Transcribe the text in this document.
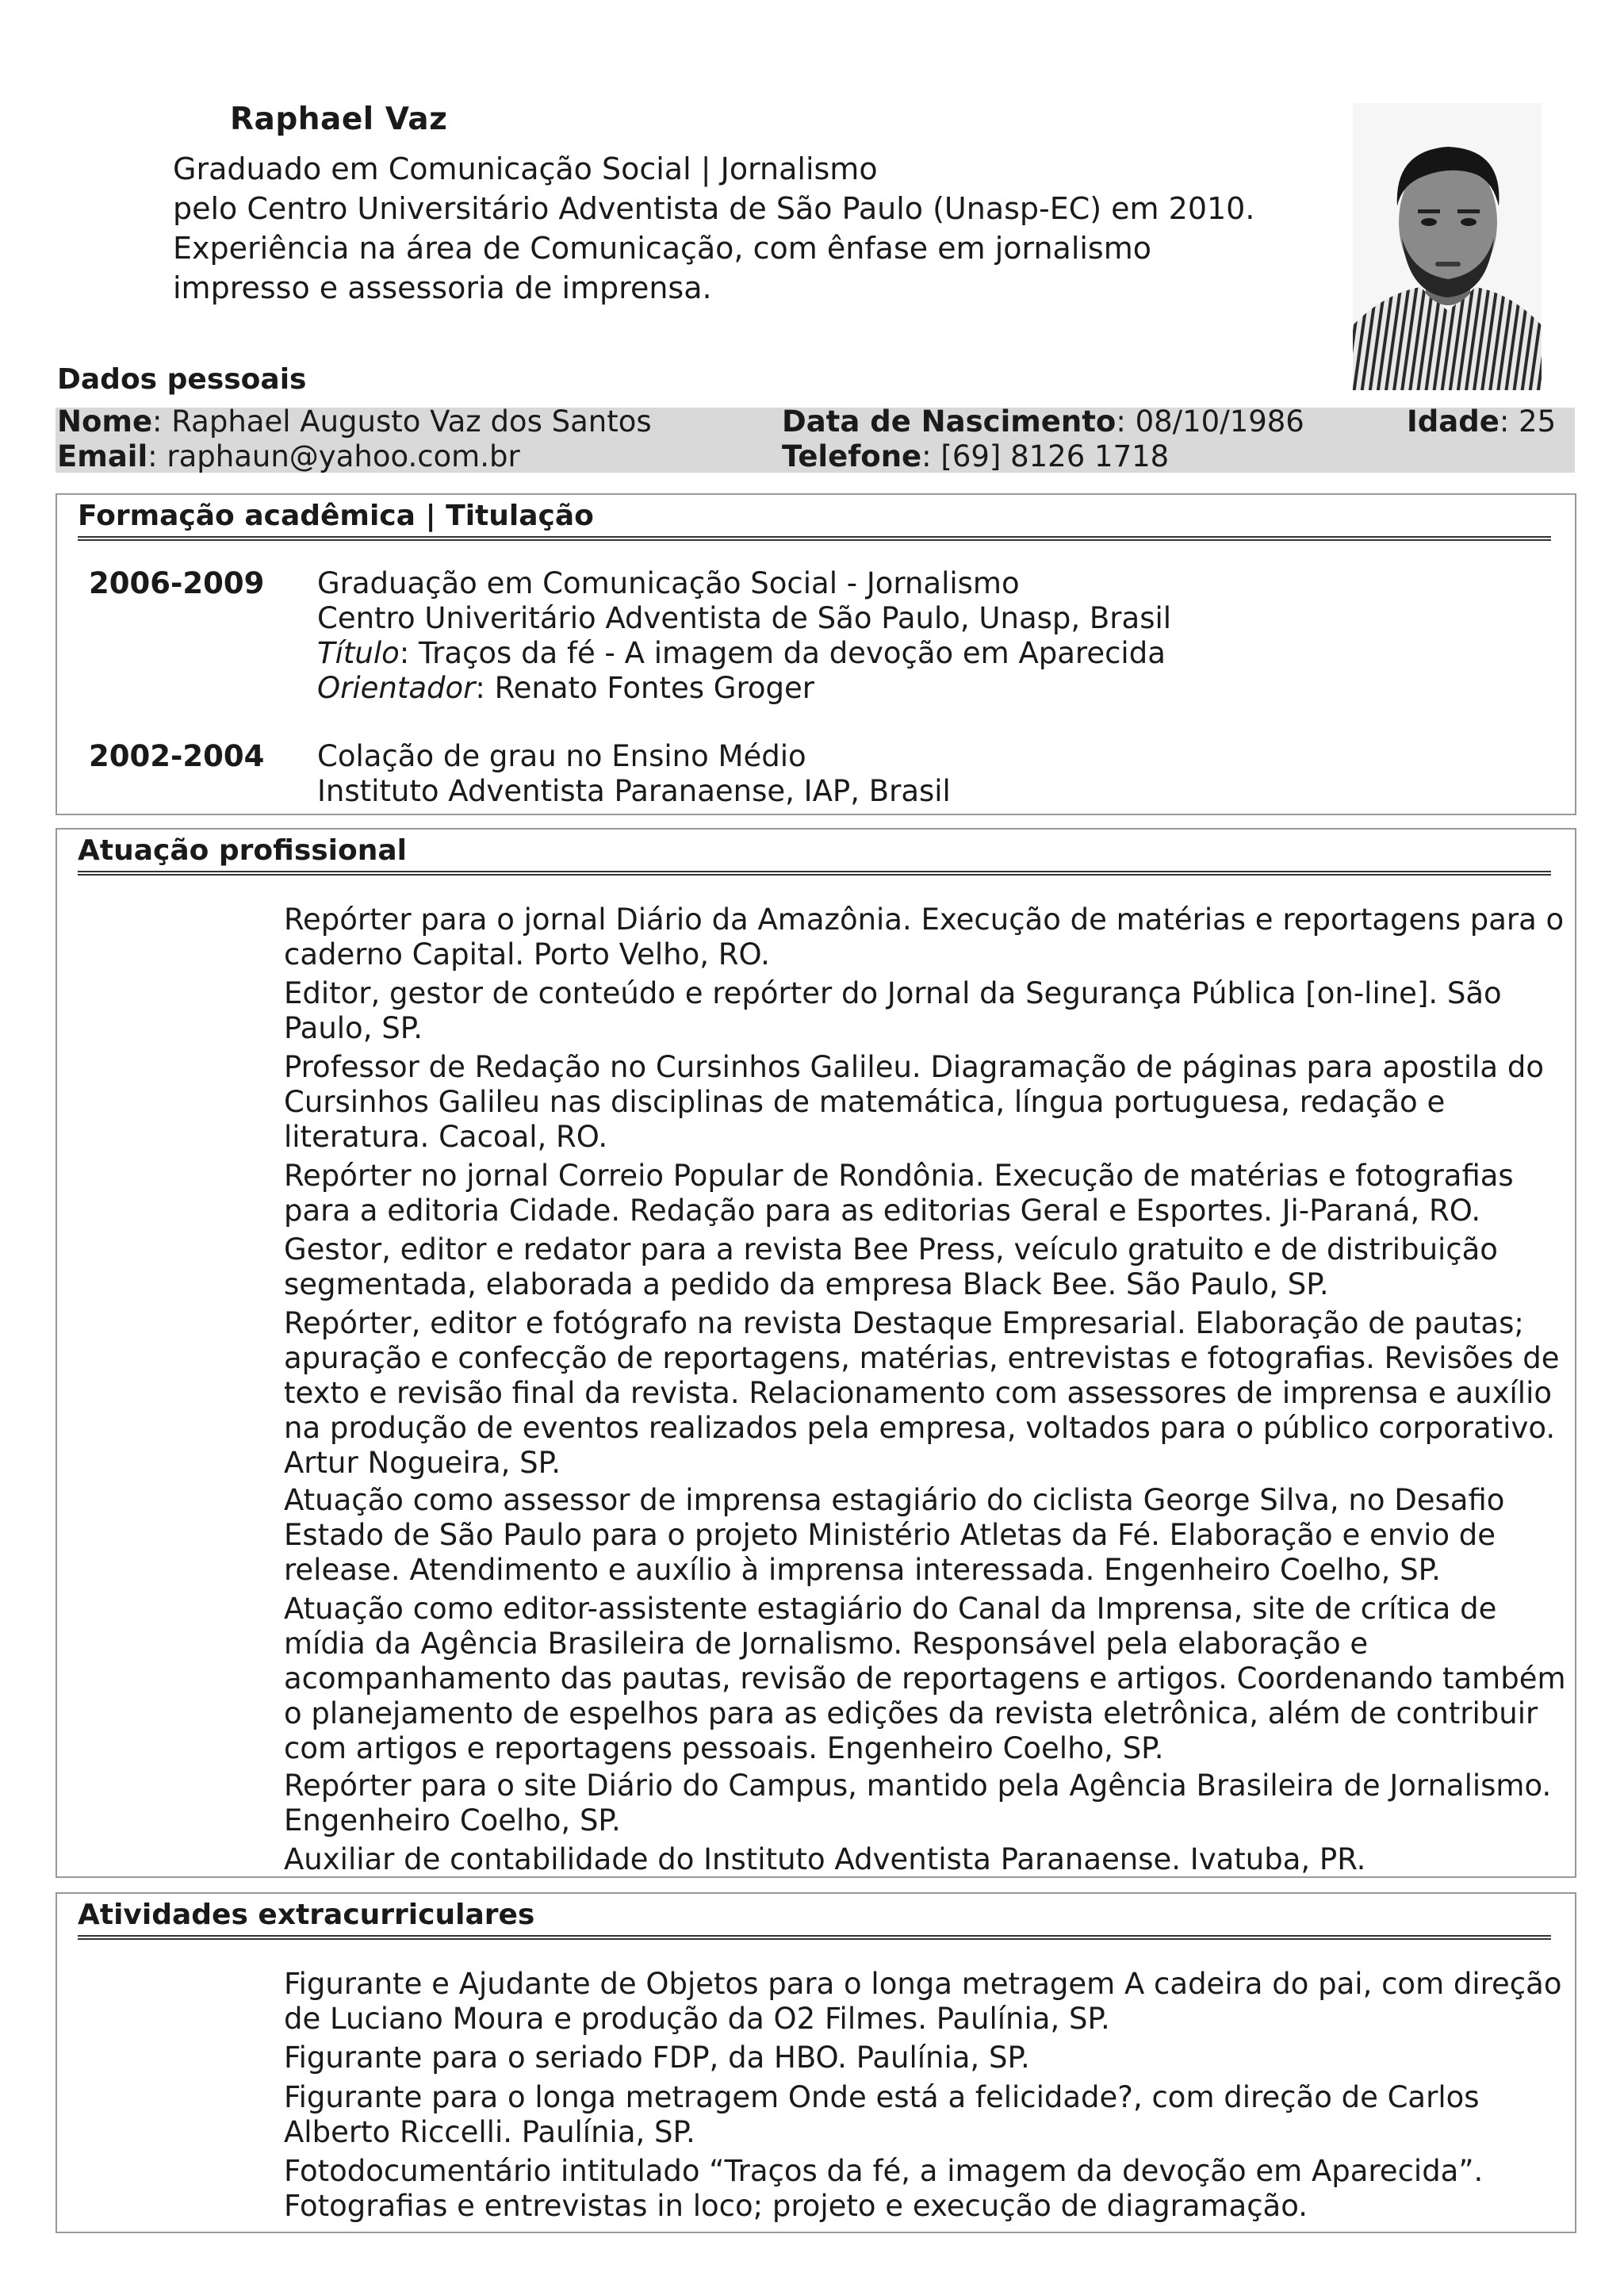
Raphael Vaz
Graduado em Comunicação Social | Jornalismo
pelo Centro Universitário Adventista de São Paulo (Unasp-EC) em 2010.
Experiência na área de Comunicação, com ênfase em jornalismo
impresso e assessoria de imprensa.
Dados pessoais
Nome: Raphael Augusto Vaz dos Santos	Data de Nascimento: 08/10/1986	Idade: 25
Email: raphaun@yahoo.com.br	Telefone: [69] 8126 1718
Formação acadêmica | Titulação
2006-2009 Graduação em Comunicação Social - Jornalismo
Centro Univeritário Adventista de São Paulo, Unasp, Brasil
Título: Traços da fé - A imagem da devoção em Aparecida
Orientador: Renato Fontes Groger
2002-2004 Colação de grau no Ensino Médio
Instituto Adventista Paranaense, IAP, Brasil
Atuação profissional
Repórter para o jornal Diário da Amazônia. Execução de matérias e reportagens para o
caderno Capital. Porto Velho, RO.
Editor, gestor de conteúdo e repórter do Jornal da Segurança Pública [on-line]. São
Paulo, SP.
Professor de Redação no Cursinhos Galileu. Diagramação de páginas para apostila do
Cursinhos Galileu nas disciplinas de matemática, língua portuguesa, redação e
literatura. Cacoal, RO.
Repórter no jornal Correio Popular de Rondônia. Execução de matérias e fotografias
para a editoria Cidade. Redação para as editorias Geral e Esportes. Ji-Paraná, RO.
Gestor, editor e redator para a revista Bee Press, veículo gratuito e de distribuição
segmentada, elaborada a pedido da empresa Black Bee. São Paulo, SP.
Repórter, editor e fotógrafo na revista Destaque Empresarial. Elaboração de pautas;
apuração e confecção de reportagens, matérias, entrevistas e fotografias. Revisões de
texto e revisão final da revista. Relacionamento com assessores de imprensa e auxílio
na produção de eventos realizados pela empresa, voltados para o público corporativo.
Artur Nogueira, SP.
Atuação como assessor de imprensa estagiário do ciclista George Silva, no Desafio
Estado de São Paulo para o projeto Ministério Atletas da Fé. Elaboração e envio de
release. Atendimento e auxílio à imprensa interessada. Engenheiro Coelho, SP.
Atuação como editor-assistente estagiário do Canal da Imprensa, site de crítica de
mídia da Agência Brasileira de Jornalismo. Responsável pela elaboração e
acompanhamento das pautas, revisão de reportagens e artigos. Coordenando também
o planejamento de espelhos para as edições da revista eletrônica, além de contribuir
com artigos e reportagens pessoais. Engenheiro Coelho, SP.
Repórter para o site Diário do Campus, mantido pela Agência Brasileira de Jornalismo.
Engenheiro Coelho, SP.
Auxiliar de contabilidade do Instituto Adventista Paranaense. Ivatuba, PR.
Atividades extracurriculares
Figurante e Ajudante de Objetos para o longa metragem A cadeira do pai, com direção
de Luciano Moura e produção da O2 Filmes. Paulínia, SP.
Figurante para o seriado FDP, da HBO. Paulínia, SP.
Figurante para o longa metragem Onde está a felicidade?, com direção de Carlos
Alberto Riccelli. Paulínia, SP.
Fotodocumentário intitulado “Traços da fé, a imagem da devoção em Aparecida”.
Fotografias e entrevistas in loco; projeto e execução de diagramação.
